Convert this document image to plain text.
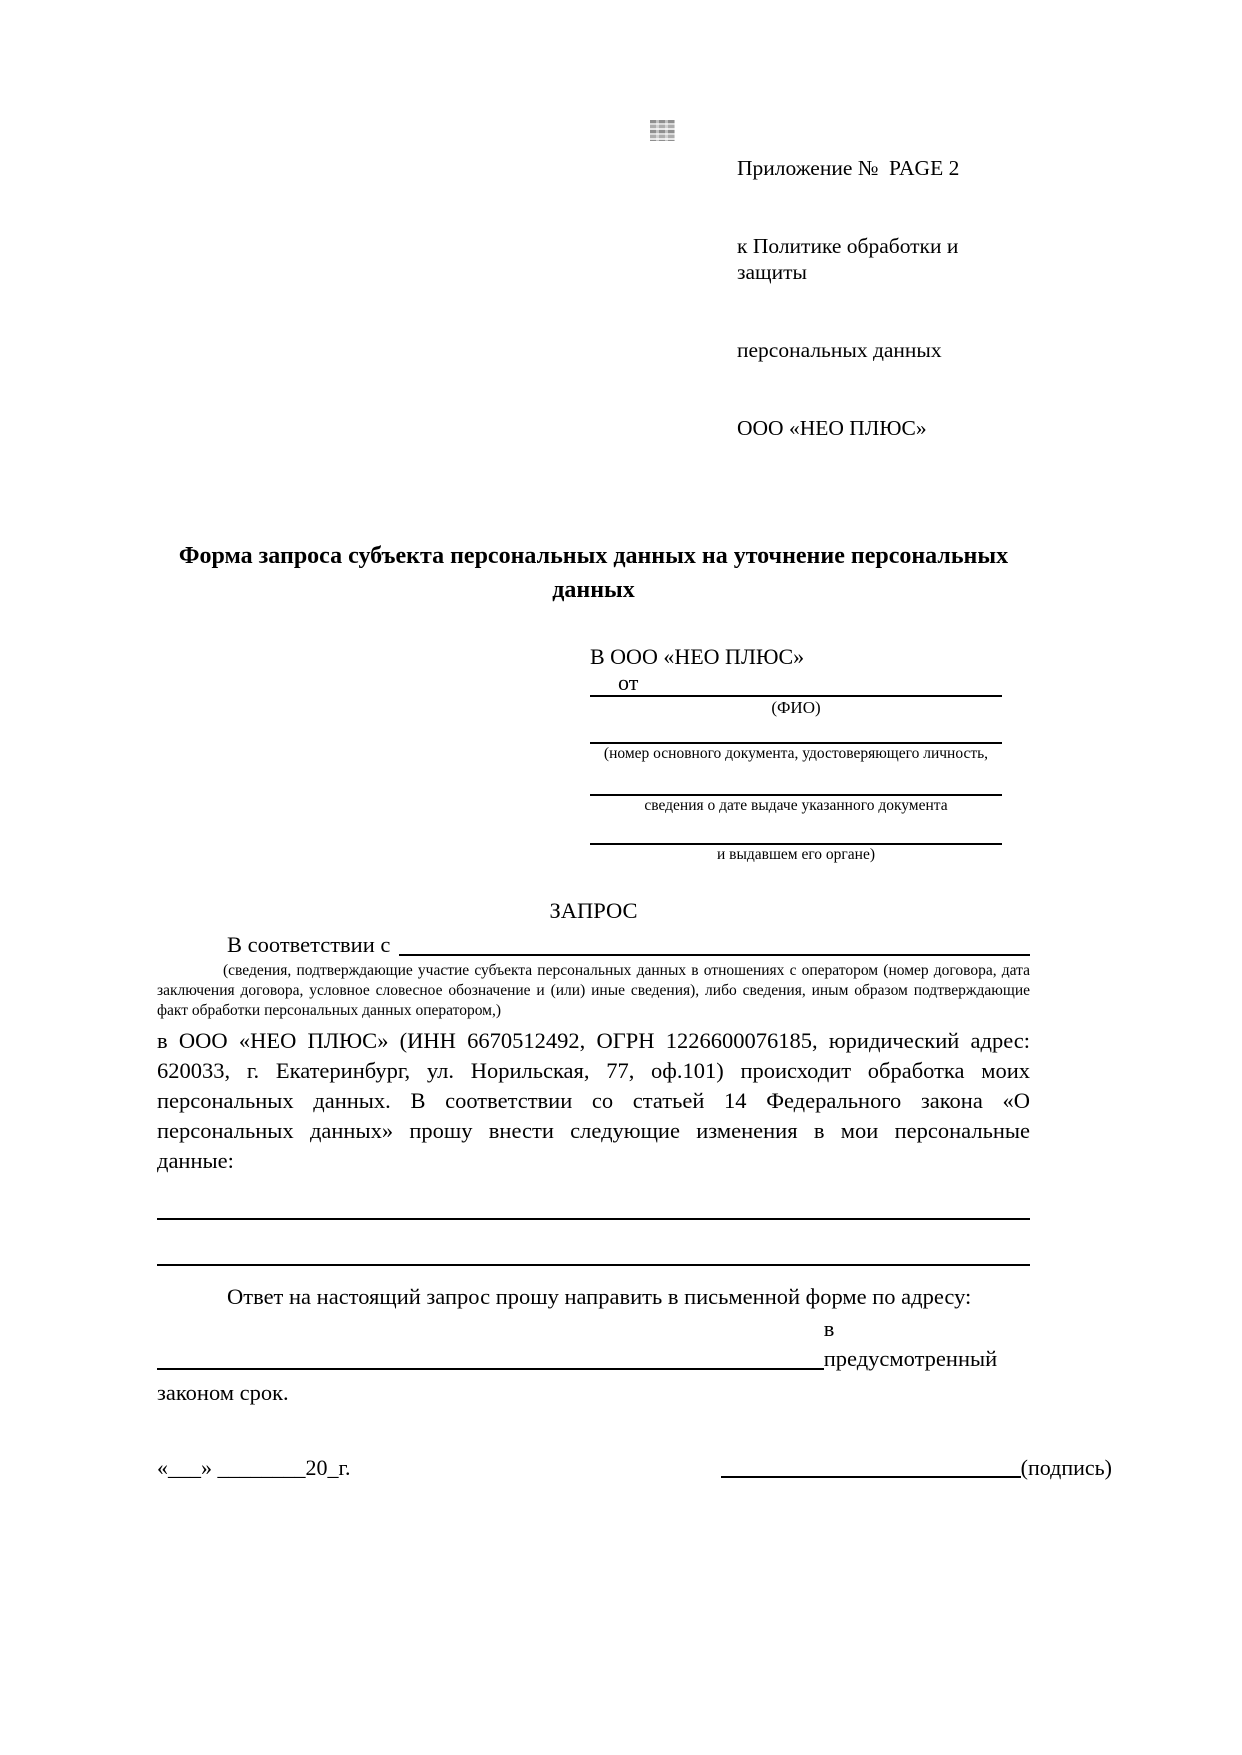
Приложение №  PAGE 2

к Политике обработки и защиты

персональных данных

ООО «НЕО ПЛЮС»

Форма запроса субъекта персональных данных на уточнение персональных данных
В ООО «НЕО ПЛЮС»
от
(ФИО)
(номер основного документа, удостоверяющего личность,
сведения о дате выдаче указанного документа
и выдавшем его органе)
ЗАПРОС
В соответствии с
(сведения, подтверждающие участие субъекта персональных данных в отношениях с оператором (номер договора, дата заключения договора, условное словесное обозначение и (или) иные сведения), либо сведения, иным образом подтверждающие факт обработки персональных данных оператором,)
в ООО «НЕО ПЛЮС» (ИНН 6670512492, ОГРН 1226600076185, юридический адрес: 620033, г. Екатеринбург, ул. Норильская, 77, оф.101) происходит обработка моих персональных данных. В соответствии со статьей 14 Федерального закона «О персональных данных» прошу внести следующие изменения в мои персональные данные:
Ответ на настоящий запрос прошу направить в письменной форме по адресу:
в предусмотренный
законом срок.
«___» ________20_г.	(подпись)
